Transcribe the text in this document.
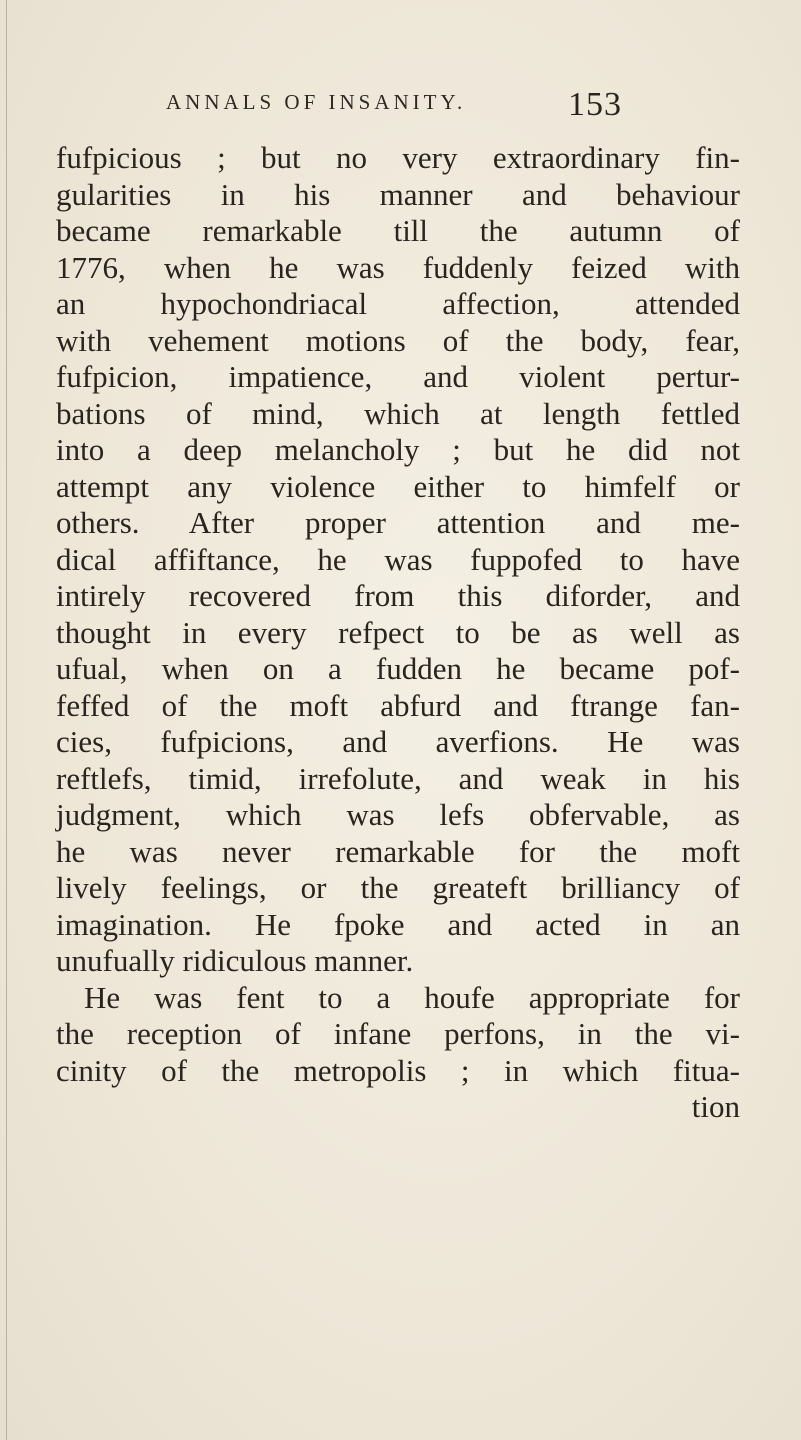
ANNALS OF INSANITY.	153
fufpicious ; but no very extraordinary fin-
gularities in his manner and behaviour
became remarkable till the autumn of
1776, when he was fuddenly feized with
an hypochondriacal affection, attended
with vehement motions of the body, fear,
fufpicion, impatience, and violent pertur-
bations of mind, which at length fettled
into a deep melancholy ; but he did not
attempt any violence either to himfelf or
others. After proper attention and me-
dical affiftance, he was fuppofed to have
intirely recovered from this diforder, and
thought in every refpect to be as well as
ufual, when on a fudden he became pof-
feffed of the moft abfurd and ftrange fan-
cies, fufpicions, and averfions. He was
reftlefs, timid, irrefolute, and weak in his
judgment, which was lefs obfervable, as
he was never remarkable for the moft
lively feelings, or the greateft brilliancy of
imagination. He fpoke and acted in an
unufually ridiculous manner.
He was fent to a houfe appropriate for
the reception of infane perfons, in the vi-
cinity of the metropolis ; in which fitua-
tion
